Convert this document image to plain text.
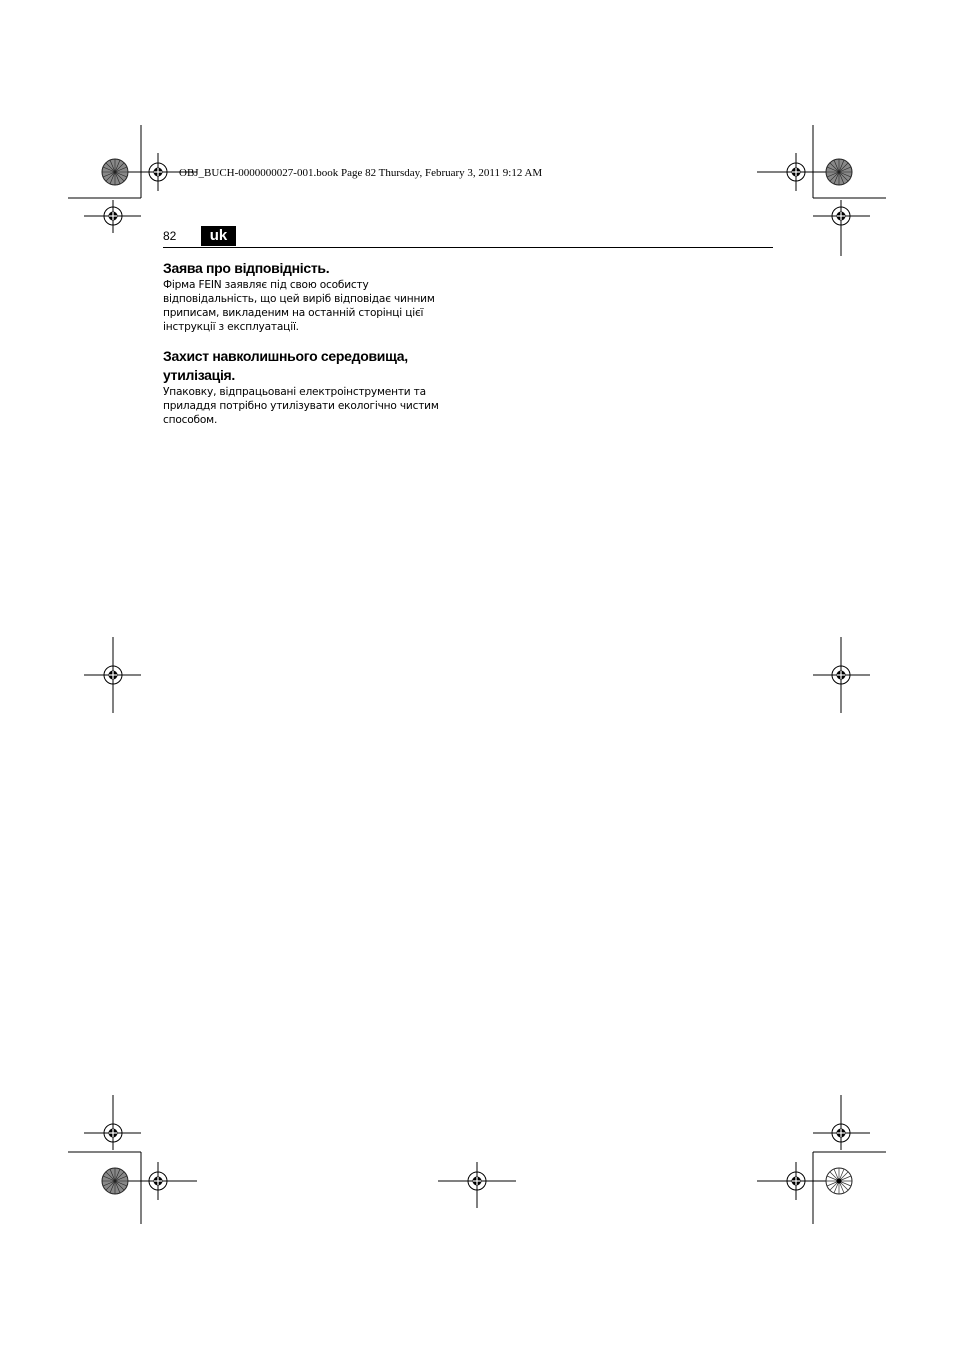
OBJ_BUCH-0000000027-001.book Page 82 Thursday, February 3, 2011 9:12 AM
82	uk
Заява про відповідність.

Фірма FEIN заявляє під свою особисту

відповідальність, що цей виріб відповідає чинним

приписам, викладеним на останній сторінці цієї

інструкції з експлуатації.

Захист навколишнього середовища,
утилізація.

Упаковку, відпрацьовані електроінструменти та

приладдя потрібно утилізувати екологічно чистим

способом.
